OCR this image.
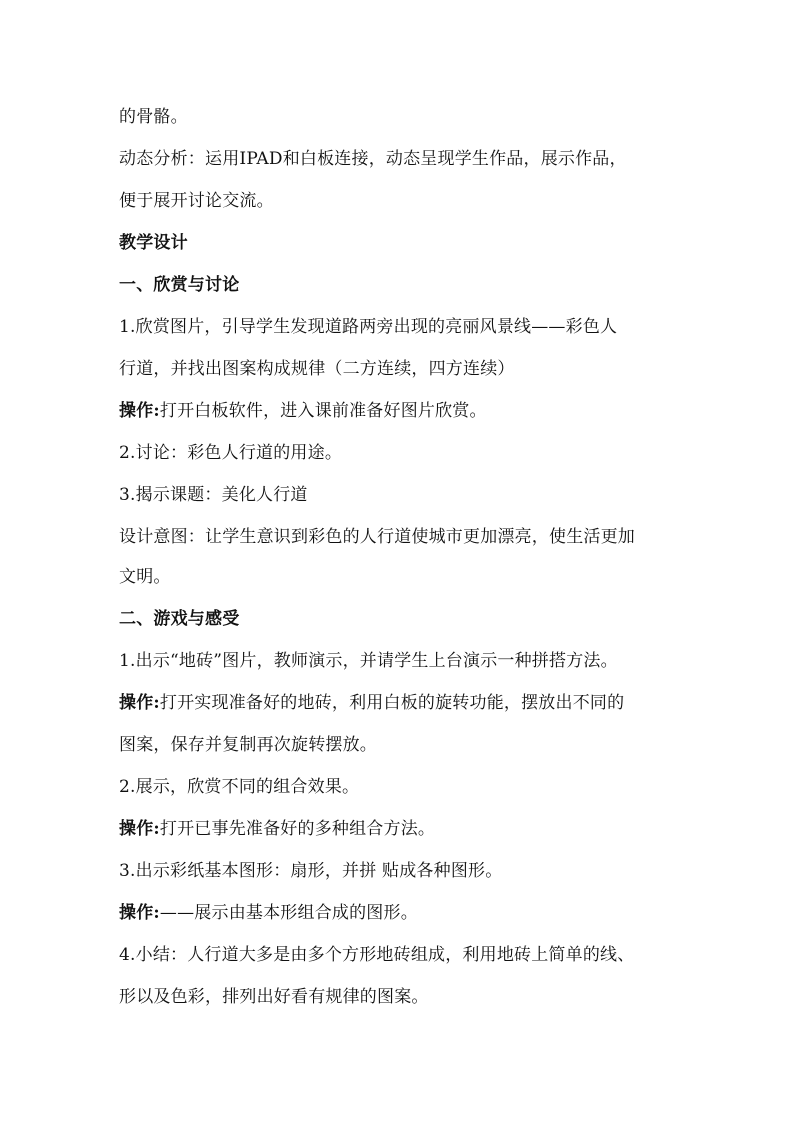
的骨骼。
动态分析：运用IPAD和白板连接，动态呈现学生作品，展示作品，
便于展开讨论交流。
教学设计
一、欣赏与讨论
1.欣赏图片，引导学生发现道路两旁出现的亮丽风景线——彩色人
行道，并找出图案构成规律（二方连续，四方连续）
操作:打开白板软件，进入课前准备好图片欣赏。
2.讨论：彩色人行道的用途。
3.揭示课题：美化人行道
设计意图：让学生意识到彩色的人行道使城市更加漂亮，使生活更加
文明。
二、游戏与感受
1.出示“地砖”图片，教师演示，并请学生上台演示一种拼搭方法。
操作:打开实现准备好的地砖，利用白板的旋转功能，摆放出不同的
图案，保存并复制再次旋转摆放。
2.展示，欣赏不同的组合效果。
操作:打开已事先准备好的多种组合方法。
3.出示彩纸基本图形：扇形，并拼 贴成各种图形。
操作:——展示由基本形组合成的图形。
4.小结：人行道大多是由多个方形地砖组成，利用地砖上简单的线、
形以及色彩，排列出好看有规律的图案。
